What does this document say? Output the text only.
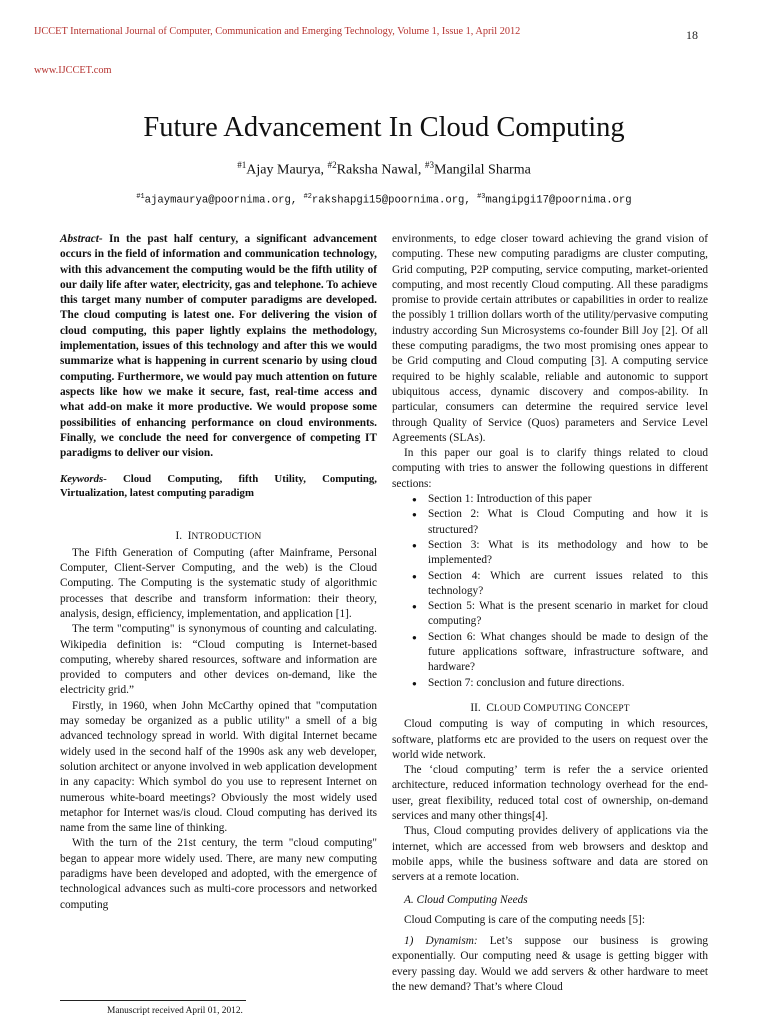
IJCCET International Journal of Computer, Communication and Emerging Technology, Volume 1, Issue 1, April 2012	18
www.IJCCET.com
Future Advancement In Cloud Computing
$^{\#1}$Ajay Maurya, $^{\#2}$Raksha Nawal, $^{\#3}$Mangilal Sharma
$^{\#1}$ajaymaurya@poornima.org, $^{\#2}$rakshapgi15@poornima.org, $^{\#3}$mangipgi17@poornima.org

Abstract- In the past half century, a significant advancement occurs in the field of information and communication technology, with this advancement the computing would be the fifth utility of our daily life after water, electricity, gas and telephone. To achieve this target many number of computer paradigms are developed. The cloud computing is latest one. For delivering the vision of cloud computing, this paper lightly explains the methodology, implementation, issues of this technology and after this we would summarize what is happening in current scenario by using cloud computing. Furthermore, we would pay much attention on future aspects like how we make it secure, fast, real-time access and what add-on make it more productive. We would propose some possibilities of enhancing performance on cloud environments. Finally, we conclude the need for convergence of competing IT paradigms to deliver our vision.

Keywords- Cloud Computing, fifth Utility, Computing, Virtualization, latest computing paradigm

I. INTRODUCTION

The Fifth Generation of Computing (after Mainframe, Personal Computer, Client-Server Computing, and the web) is the Cloud Computing. The Computing is the systematic study of algorithmic processes that describe and transform information: their theory, analysis, design, efficiency, implementation, and application [1].

The term "computing" is synonymous of counting and calculating. Wikipedia definition is: “Cloud computing is Internet-based computing, whereby shared resources, software and information are provided to computers and other devices on-demand, like the electricity grid.”

Firstly, in 1960, when John McCarthy opined that "computation may someday be organized as a public utility" a smell of a big advanced technology spread in world. With digital Internet became widely used in the second half of the 1990s ask any web developer, solution architect or anyone involved in web application development in any capacity: Which symbol do you use to represent Internet on numerous white-board meetings? Obviously the most widely used metaphor for Internet was/is cloud. Cloud computing has derived its name from the same line of thinking.

With the turn of the 21st century, the term "cloud computing" began to appear more widely used. There, are many new computing paradigms have been developed and adopted, with the emergence of technological advances such as multi-core processors and networked computing

environments, to edge closer toward achieving the grand vision of computing. These new computing paradigms are cluster computing, Grid computing, P2P computing, service computing, market-oriented computing, and most recently Cloud computing. All these paradigms promise to provide certain attributes or capabilities in order to realize the possibly 1 trillion dollars worth of the utility/pervasive computing industry according Sun Microsystems co-founder Bill Joy [2]. Of all these computing paradigms, the two most promising ones appear to be Grid computing and Cloud computing [3]. A computing service required to be highly scalable, reliable and autonomic to support ubiquitous access, dynamic discovery and compos-ability. In particular, consumers can determine the required service level through Quality of Service (Quos) parameters and Service Level Agreements (SLAs).

In this paper our goal is to clarify things related to cloud computing with tries to answer the following questions in different sections:

● Section 1: Introduction of this paper
● Section 2: What is Cloud Computing and how it is structured?
● Section 3: What is its methodology and how to be implemented?
● Section 4: Which are current issues related to this technology?
● Section 5: What is the present scenario in market for cloud computing?
● Section 6: What changes should be made to design of the future applications software, infrastructure software, and hardware?
● Section 7: conclusion and future directions.

II. CLOUD COMPUTING CONCEPT

Cloud computing is way of computing in which resources, software, platforms etc are provided to the users on request over the world wide network.

The ‘cloud computing’ term is refer the a service oriented architecture, reduced information technology overhead for the end-user, great flexibility, reduced total cost of ownership, on-demand services and many other things[4].

Thus, Cloud computing provides delivery of applications via the internet, which are accessed from web browsers and desktop and mobile apps, while the business software and data are stored on servers at a remote location.

A. Cloud Computing Needs

Cloud Computing is care of the computing needs [5]:

1) Dynamism: Let’s suppose our business is growing exponentially. Our computing need & usage is getting bigger with every passing day. Would we add servers & other hardware to meet the new demand? That’s where Cloud

Manuscript received April 01, 2012.
